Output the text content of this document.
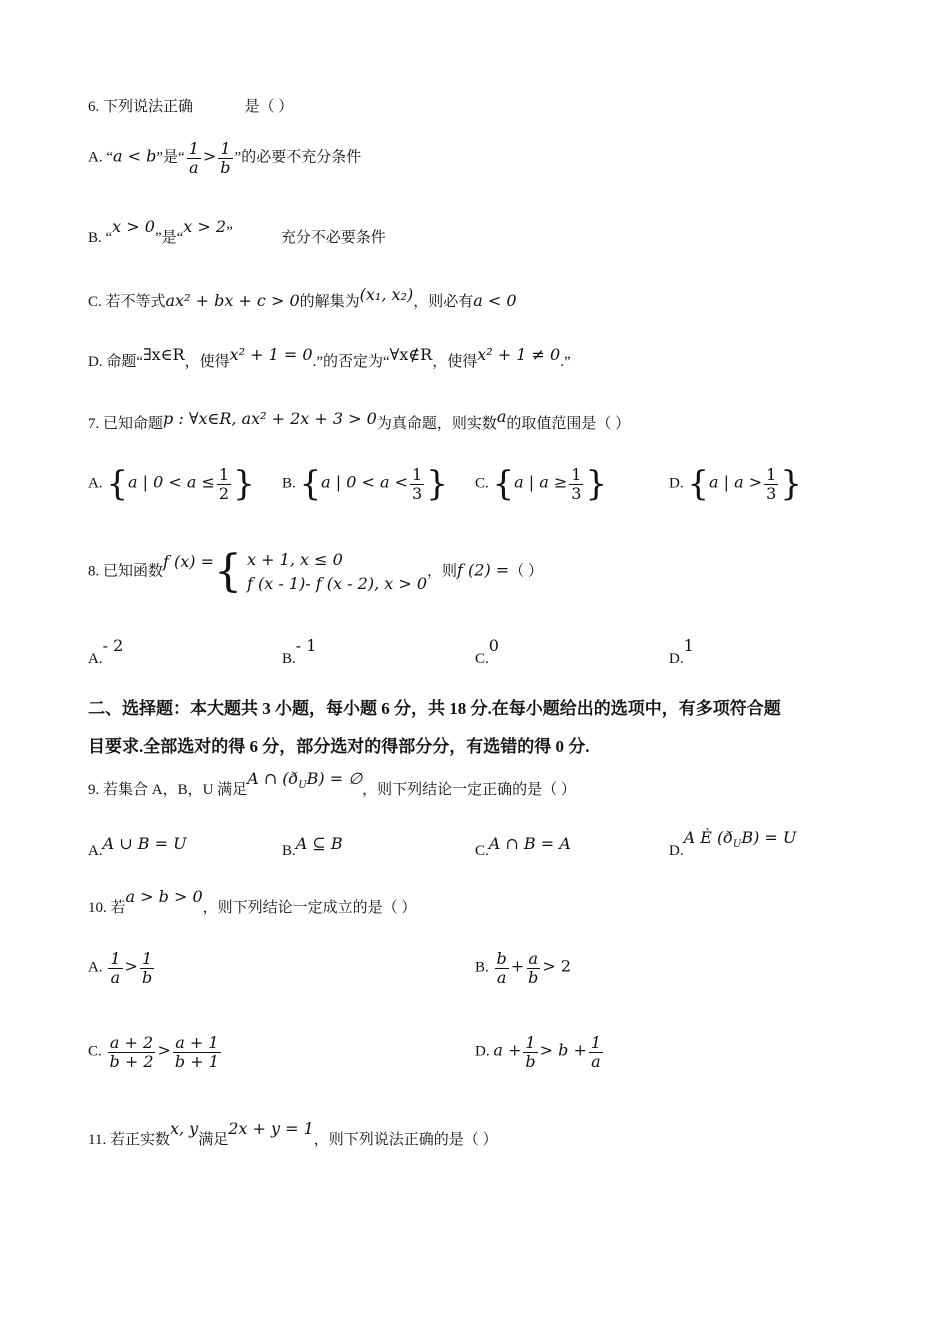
6. 下列说法正确	是（ ）
A. “a < b”是“ $\frac{1}{a} > \frac{1}{b}$ ”的必要不充分条件
B. “x > 0”是“x > 2”	充分不必要条件
C. 若不等式ax² + bx + c > 0的解集为(x₁, x₂)，则必有a < 0
D. 命题“∃x∈R，使得x² + 1 = 0.”的否定为“∀x∉R，使得x² + 1 ≠ 0.”
7. 已知命题p : ∀x∈R, ax² + 2x + 3 > 0为真命题，则实数a的取值范围是（ ）
A. {a | $0 < a \le \frac{1}{2}$ } B. {a | $0 < a < \frac{1}{3}$ } C. {a | $a \ge \frac{1}{3}$ }	D. {a | $a > \frac{1}{3}$ }
8. 已知函数f (x) ={ x + 1, x ≤ 0
f (x - 1)- f (x - 2), x > 0
，则f (2) =（ ）
A.- 2
B.- 1
C.0
D.1
二、选择题：本大题共 3 小题，每小题 6 分，共 18 分.在每小题给出的选项中，有多项符合题
目要求.全部选对的得 6 分，部分选对的得部分分，有选错的得 0 分.
9. 若集合 A，B，U 满足A ∩ $(ð_UB)$ = ∅，则下列结论一定正确的是（ ）
A.A ∪ B = U	B.A ⊆ B	C.A ∩ B = A	D.A È $(ð_UB) = U$
10. 若a > b > 0，则下列结论一定成立的是（ ）
A. $\frac{1}{a} > \frac{1}{b}$	B. $\frac{b}{a} + \frac{a}{b} > 2$
C. $\frac{a + 2}{b + 2} > \frac{a + 1}{b + 1}$	D. $a + \frac{1}{b} > b + \frac{1}{a}$
11. 若正实数x, y满足2x + y = 1，则下列说法正确的是（ ）
